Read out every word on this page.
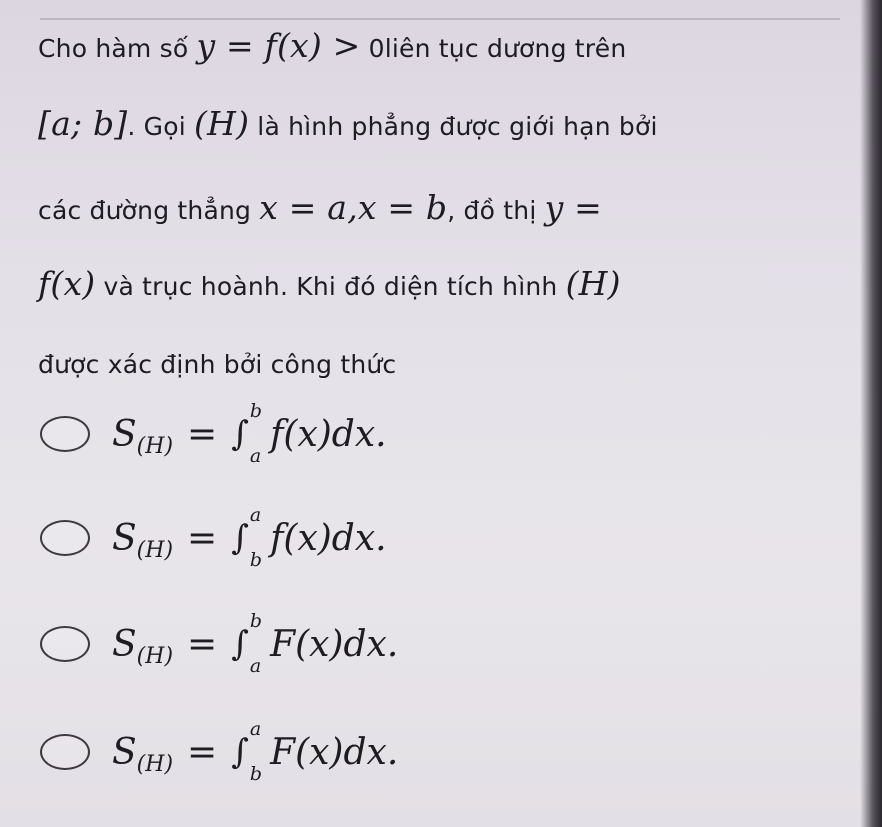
Cho hàm số y = f(x) > 0liên tục dương trên
[a; b]. Gọi (H) là hình phẳng được giới hạn bởi
các đường thẳng x = a,x = b, đồ thị y =
f(x) và trục hoành. Khi đó diện tích hình (H)
được xác định bởi công thức
S (H) = ∫
b
a
f(x)dx.
S (H) = ∫
a
b
f(x)dx.
S (H) = ∫
b
a
F(x)dx.
S (H) = ∫
a
b
F(x)dx.
